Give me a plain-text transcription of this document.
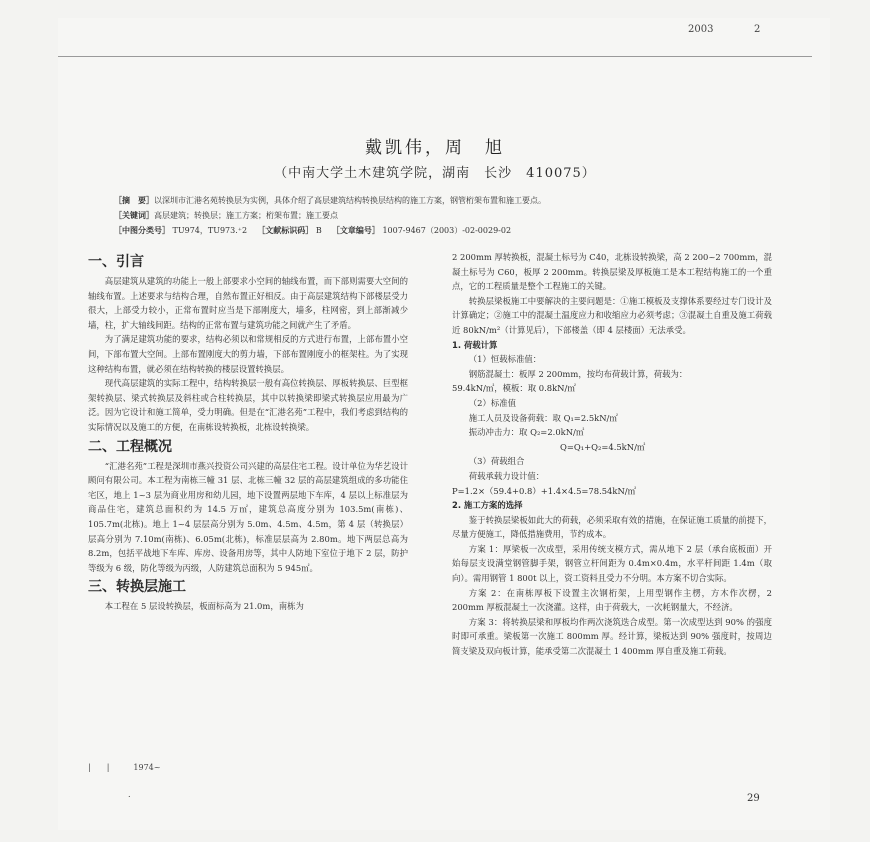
2003	2
戴凯伟，周　旭
（中南大学土木建筑学院，湖南　长沙　410075）
［摘　要］以深圳市汇港名苑转换层为实例，具体介绍了高层建筑结构转换层结构的施工方案，钢管桁架布置和施工要点。
［关键词］高层建筑；转换层；施工方案；桁架布置；施工要点
［中图分类号］ TU974，TU973.⁺2 ［文献标识码］ B ［文章编号］ 1007-9467（2003）-02-0029-02

一、引言

高层建筑从建筑的功能上一般上部要求小空间的轴线布置，而下部则需要大空间的轴线布置。上述要求与结构合理，自然布置正好相反。由于高层建筑结构下部楼层受力很大，上部受力较小，正常布置时应当是下部刚度大，墙多，柱网密，到上部渐减少墙，柱，扩大轴线间距。结构的正常布置与建筑功能之间就产生了矛盾。

为了满足建筑功能的要求，结构必须以和常规相反的方式进行布置，上部布置小空间，下部布置大空间。上部布置刚度大的剪力墙，下部布置刚度小的框架柱。为了实现这种结构布置，就必须在结构转换的楼层设置转换层。

现代高层建筑的实际工程中，结构转换层一般有高位转换层、厚板转换层、巨型框架转换层、梁式转换层及斜柱或合柱转换层，其中以转换梁即梁式转换层应用最为广泛。因为它设计和施工简单，受力明确。但是在“汇港名苑”工程中，我们考虑到结构的实际情况以及施工的方便，在南栋设转换板，北栋设转换梁。

二、工程概况

“汇港名苑”工程是深圳市燕兴投资公司兴建的高层住宅工程。设计单位为华艺设计顾问有限公司。本工程为南栋三幢 31 层、北栋三幢 32 层的高层建筑组成的多功能住宅区，地上 1~3 层为商业用房和幼儿园，地下设置两层地下车库，4 层以上标准层为商品住宅，建筑总面积约为 14.5 万㎡，建筑总高度分别为 103.5m(南栋)、105.7m(北栋)。地上 1~4 层层高分别为 5.0m、4.5m、4.5m，第 4 层（转换层）层高分别为 7.10m(南栋)、6.05m(北栋)，标准层层高为 2.80m。地下两层总高为 8.2m，包括平战地下车库、库房、设备用房等，其中人防地下室位于地下 2 层，防护等级为 6 级，防化等级为丙级，人防建筑总面积为 5 945㎡。

三、转换层施工

本工程在 5 层设转换层，板面标高为 21.0m，南栋为

2 200mm 厚转换板，混凝土标号为 C40，北栋设转换梁，高 2 200~2 700mm，混凝土标号为 C60，板厚 2 200mm。转换层梁及厚板施工是本工程结构施工的一个重点，它的工程质量是整个工程施工的关键。

转换层梁板施工中要解决的主要问题是：①施工模板及支撑体系要经过专门设计及计算确定；②施工中的混凝土温度应力和收缩应力必须考虑；③混凝土自重及施工荷载近 80kN/m²（计算见后），下部楼盖（即 4 层楼面）无法承受。

1. 荷载计算

（1）恒载标准值：

钢筋混凝土：板厚 2 200mm，按均布荷载计算，荷载为：

59.4kN/㎡，模板：取 0.8kN/㎡

（2）标准值

施工人员及设备荷载：取 Q₁=2.5kN/㎡

振动冲击力：取 Q₂=2.0kN/㎡

Q=Q₁+Q₂=4.5kN/㎡

（3）荷载组合

荷载承载力设计值：

P=1.2×（59.4+0.8）+1.4×4.5=78.54kN/㎡

2. 施工方案的选择

鉴于转换层梁板如此大的荷载，必须采取有效的措施，在保证施工质量的前提下，尽量方便施工，降低措施费用，节约成本。

方案 1：厚梁板一次成型，采用传统支模方式，需从地下 2 层（承台底板面）开始每层支设满堂钢管脚手架，钢管立杆间距为 0.4m×0.4m，水平杆间距 1.4m（取向）。需用钢管 1 800t 以上，资工资料且受力不分明。本方案不切合实际。

方案 2：在南栋厚板下设置主次钢桁架，上用型钢作主楞，方木作次楞，2 200mm 厚板混凝土一次浇灌。这样，由于荷载大，一次耗钢量大，不经济。

方案 3：将转换层梁和厚板均作两次浇筑迭合成型。第一次成型达到 90% 的强度时即可承重。梁板第一次施工 800mm 厚。经计算，梁板达到 90% 强度时，按周边简支梁及双向板计算，能承受第二次混凝土 1 400mm 厚自重及施工荷载。

|　　|　　　1974~
.	29
